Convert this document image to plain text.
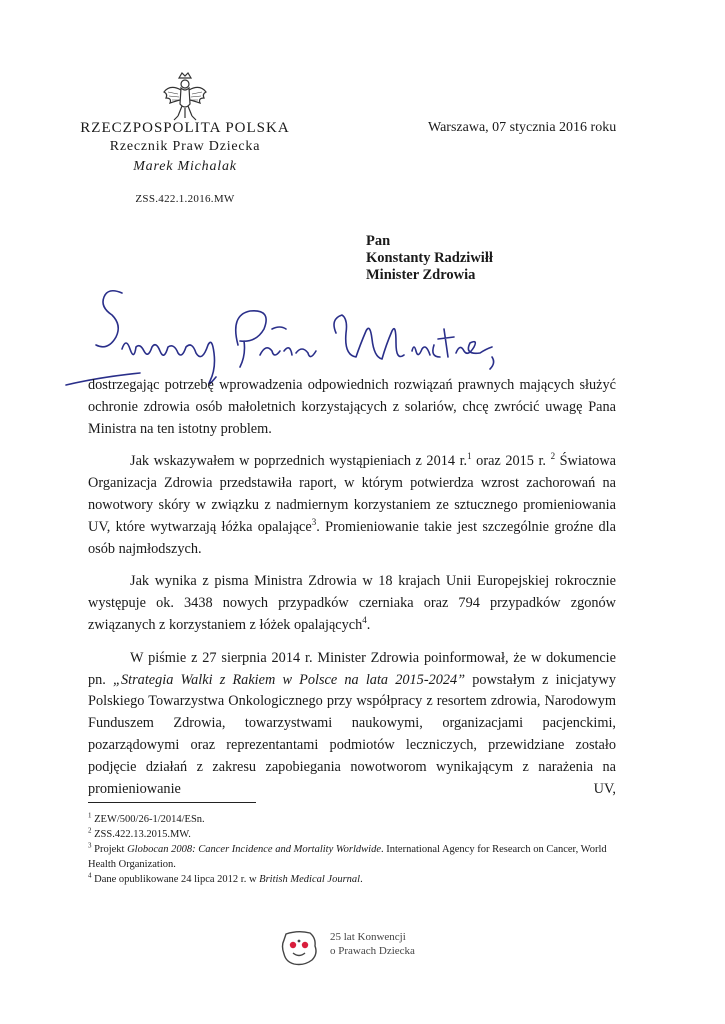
RZECZPOSPOLITA POLSKA
Rzecznik Praw Dziecka
Marek Michalak
ZSS.422.1.2016.MW
Warszawa, 07 stycznia 2016 roku
Pan
Konstanty Radziwiłł
Minister Zdrowia

dostrzegając potrzebę wprowadzenia odpowiednich rozwiązań prawnych mających służyć ochronie zdrowia osób małoletnich korzystających z solariów, chcę zwrócić uwagę Pana Ministra na ten istotny problem.

Jak wskazywałem w poprzednich wystąpieniach z 2014 r.$^1$ oraz 2015 r. $^2$ Światowa Organizacja Zdrowia przedstawiła raport, w którym potwierdza wzrost zachorowań na nowotwory skóry w związku z nadmiernym korzystaniem ze sztucznego promieniowania UV, które wytwarzają łóżka opalające$^3$. Promieniowanie takie jest szczególnie groźne dla osób najmłodszych.

Jak wynika z pisma Ministra Zdrowia w 18 krajach Unii Europejskiej rokrocznie występuje ok. 3438 nowych przypadków czerniaka oraz 794 przypadków zgonów związanych z korzystaniem z łóżek opalających$^4$.

W piśmie z 27 sierpnia 2014 r. Minister Zdrowia poinformował, że w dokumencie pn. „Strategia Walki z Rakiem w Polsce na lata 2015-2024” powstałym z inicjatywy Polskiego Towarzystwa Onkologicznego przy współpracy z resortem zdrowia, Narodowym Funduszem Zdrowia, towarzystwami naukowymi, organizacjami pacjenckimi, pozarządowymi oraz reprezentantami podmiotów leczniczych, przewidziane zostało podjęcie działań z zakresu zapobiegania nowotworom wynikającym z narażenia na promieniowanie UV,

$^1$ ZEW/500/26-1/2014/ESn.

$^2$ ZSS.422.13.2015.MW.

$^3$ Projekt Globocan 2008: Cancer Incidence and Mortality Worldwide. International Agency for Research on Cancer, World Health Organization.

$^4$ Dane opublikowane 24 lipca 2012 r. w British Medical Journal.

25 lat Konwencji
o Prawach Dziecka
